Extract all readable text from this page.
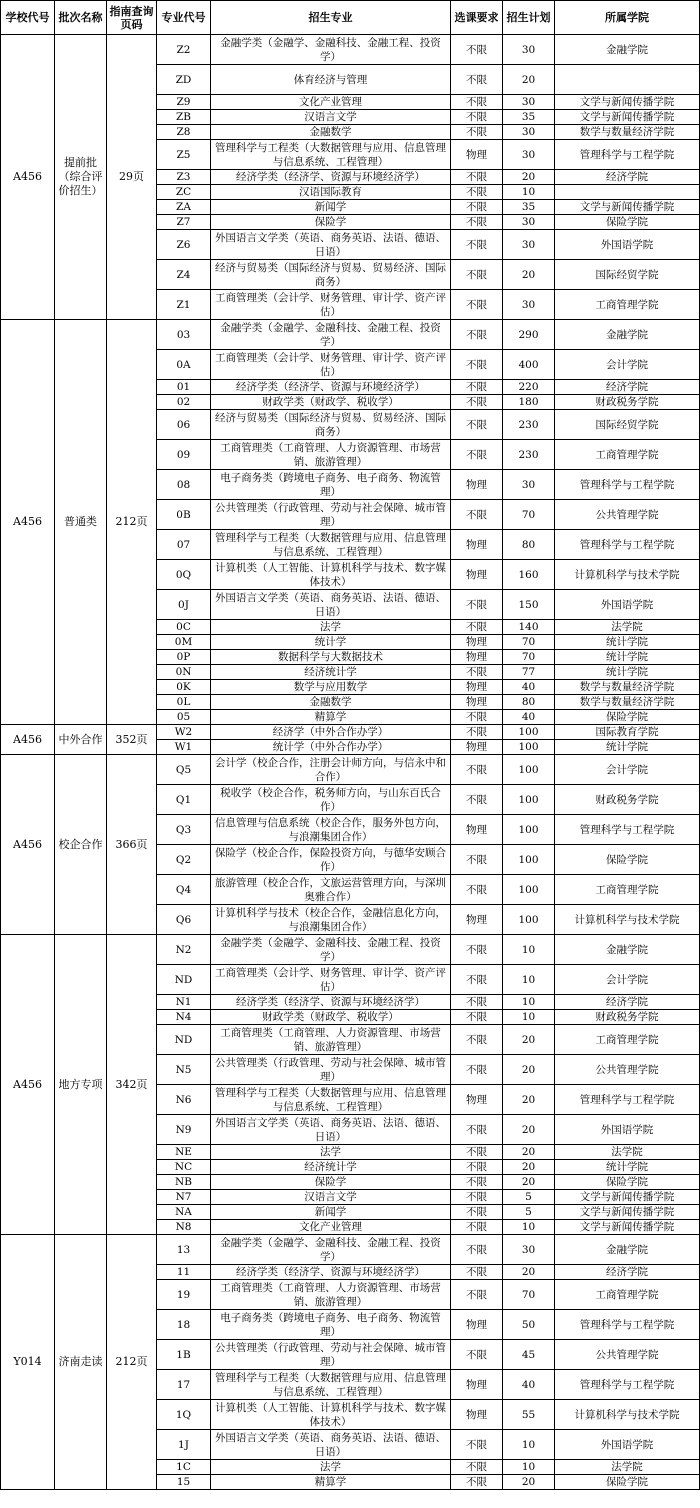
学校代号	批次名称	指南查询页码	专业代号	招生专业	选课要求	招生计划	所属学院
A456	提前批（综合评价招生）	29页	Z2	金融学类（金融学、金融科技、金融工程、投资学）	不限	30	金融学院
			ZD	体育经济与管理	不限	20	
			Z9	文化产业管理	不限	30	文学与新闻传播学院
			ZB	汉语言文学	不限	35	文学与新闻传播学院
			Z8	金融数学	不限	30	数学与数量经济学院
			Z5	管理科学与工程类（大数据管理与应用、信息管理与信息系统、工程管理）	物理	30	管理科学与工程学院
			Z3	经济学类（经济学、资源与环境经济学）	不限	20	经济学院
			ZC	汉语国际教育	不限	10	
			ZA	新闻学	不限	35	文学与新闻传播学院
			Z7	保险学	不限	30	保险学院
			Z6	外国语言文学类（英语、商务英语、法语、德语、日语）	不限	30	外国语学院
			Z4	经济与贸易类（国际经济与贸易、贸易经济、国际商务）	不限	20	国际经贸学院
			Z1	工商管理类（会计学、财务管理、审计学、资产评估）	不限	30	工商管理学院
A456	普通类	212页	03	金融学类（金融学、金融科技、金融工程、投资学）	不限	290	金融学院
			0A	工商管理类（会计学、财务管理、审计学、资产评估）	不限	400	会计学院
			01	经济学类（经济学、资源与环境经济学）	不限	220	经济学院
			02	财政学类（财政学、税收学）	不限	180	财政税务学院
			06	经济与贸易类（国际经济与贸易、贸易经济、国际商务）	不限	230	国际经贸学院
			09	工商管理类（工商管理、人力资源管理、市场营销、旅游管理）	不限	230	工商管理学院
			08	电子商务类（跨境电子商务、电子商务、物流管理）	物理	30	管理科学与工程学院
			0B	公共管理类（行政管理、劳动与社会保障、城市管理）	不限	70	公共管理学院
			07	管理科学与工程类（大数据管理与应用、信息管理与信息系统、工程管理）	物理	80	管理科学与工程学院
			0Q	计算机类（人工智能、计算机科学与技术、数字媒体技术）	物理	160	计算机科学与技术学院
			0J	外国语言文学类（英语、商务英语、法语、德语、日语）	不限	150	外国语学院
			0C	法学	不限	140	法学院
			0M	统计学	物理	70	统计学院
			0P	数据科学与大数据技术	物理	70	统计学院
			0N	经济统计学	不限	77	统计学院
			0K	数学与应用数学	物理	40	数学与数量经济学院
			0L	金融数学	物理	80	数学与数量经济学院
			05	精算学	不限	40	保险学院
A456	中外合作	352页	W2	经济学（中外合作办学）	不限	100	国际教育学院
			W1	统计学（中外合作办学）	物理	100	统计学院
A456	校企合作	366页	Q5	会计学（校企合作，注册会计师方向，与信永中和合作）	不限	100	会计学院
			Q1	税收学（校企合作，税务师方向，与山东百氏合作）	不限	100	财政税务学院
			Q3	信息管理与信息系统（校企合作，服务外包方向，与浪潮集团合作）	物理	100	管理科学与工程学院
			Q2	保险学（校企合作，保险投资方向，与德华安顾合作）	不限	100	保险学院
			Q4	旅游管理（校企合作，文旅运营管理方向，与深圳奥雅合作）	不限	100	工商管理学院
			Q6	计算机科学与技术（校企合作，金融信息化方向，与浪潮集团合作）	物理	100	计算机科学与技术学院
A456	地方专项	342页	N2	金融学类（金融学、金融科技、金融工程、投资学）	不限	10	金融学院
			ND	工商管理类（会计学、财务管理、审计学、资产评估）	不限	10	会计学院
			N1	经济学类（经济学、资源与环境经济学）	不限	10	经济学院
			N4	财政学类（财政学、税收学）	不限	10	财政税务学院
			ND	工商管理类（工商管理、人力资源管理、市场营销、旅游管理）	不限	20	工商管理学院
			N5	公共管理类（行政管理、劳动与社会保障、城市管理）	不限	20	公共管理学院
			N6	管理科学与工程类（大数据管理与应用、信息管理与信息系统、工程管理）	物理	20	管理科学与工程学院
			N9	外国语言文学类（英语、商务英语、法语、德语、日语）	不限	20	外国语学院
			NE	法学	不限	20	法学院
			NC	经济统计学	不限	20	统计学院
			NB	保险学	不限	20	保险学院
			N7	汉语言文学	不限	5	文学与新闻传播学院
			NA	新闻学	不限	5	文学与新闻传播学院
			N8	文化产业管理	不限	10	文学与新闻传播学院
Y014	济南走读	212页	13	金融学类（金融学、金融科技、金融工程、投资学）	不限	30	金融学院
			11	经济学类（经济学、资源与环境经济学）	不限	20	经济学院
			19	工商管理类（工商管理、人力资源管理、市场营销、旅游管理）	不限	70	工商管理学院
			18	电子商务类（跨境电子商务、电子商务、物流管理）	物理	50	管理科学与工程学院
			1B	公共管理类（行政管理、劳动与社会保障、城市管理）	不限	45	公共管理学院
			17	管理科学与工程类（大数据管理与应用、信息管理与信息系统、工程管理）	物理	40	管理科学与工程学院
			1Q	计算机类（人工智能、计算机科学与技术、数字媒体技术）	物理	55	计算机科学与技术学院
			1J	外国语言文学类（英语、商务英语、法语、德语、日语）	不限	10	外国语学院
			1C	法学	不限	10	法学院
			15	精算学	不限	20	保险学院
